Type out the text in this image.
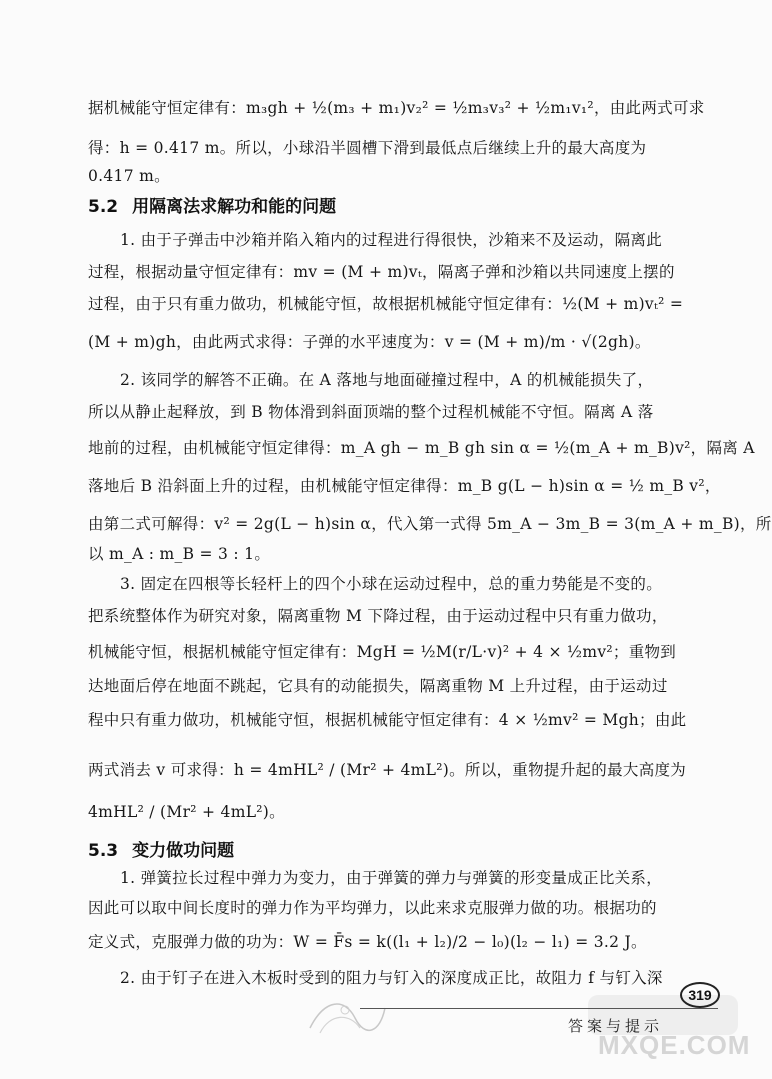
据机械能守恒定律有：m₃gh + ½(m₃ + m₁)v₂² = ½m₃v₃² + ½m₁v₁²，由此两式可求
得：h = 0.417 m。所以，小球沿半圆槽下滑到最低点后继续上升的最大高度为
0.417 m。
5.2 用隔离法求解功和能的问题
1. 由于子弹击中沙箱并陷入箱内的过程进行得很快，沙箱来不及运动，隔离此
过程，根据动量守恒定律有：mv = (M + m)vₜ，隔离子弹和沙箱以共同速度上摆的
过程，由于只有重力做功，机械能守恒，故根据机械能守恒定律有：½(M + m)vₜ² =
(M + m)gh，由此两式求得：子弹的水平速度为：v = (M + m)/m · √(2gh)。
2. 该同学的解答不正确。在 A 落地与地面碰撞过程中，A 的机械能损失了，
所以从静止起释放，到 B 物体滑到斜面顶端的整个过程机械能不守恒。隔离 A 落
地前的过程，由机械能守恒定律得：m_A gh − m_B gh sin α = ½(m_A + m_B)v²，隔离 A
落地后 B 沿斜面上升的过程，由机械能守恒定律得：m_B g(L − h)sin α = ½ m_B v²，
由第二式可解得：v² = 2g(L − h)sin α，代入第一式得 5m_A − 3m_B = 3(m_A + m_B)，所
以 m_A : m_B = 3 : 1。
3. 固定在四根等长轻杆上的四个小球在运动过程中，总的重力势能是不变的。
把系统整体作为研究对象，隔离重物 M 下降过程，由于运动过程中只有重力做功，
机械能守恒，根据机械能守恒定律有：MgH = ½M(r/L·v)² + 4 × ½mv²；重物到
达地面后停在地面不跳起，它具有的动能损失，隔离重物 M 上升过程，由于运动过
程中只有重力做功，机械能守恒，根据机械能守恒定律有：4 × ½mv² = Mgh；由此
两式消去 v 可求得：h = 4mHL² / (Mr² + 4mL²)。所以，重物提升起的最大高度为
4mHL² / (Mr² + 4mL²)。
5.3 变力做功问题
1. 弹簧拉长过程中弹力为变力，由于弹簧的弹力与弹簧的形变量成正比关系，
因此可以取中间长度时的弹力作为平均弹力，以此来求克服弹力做的功。根据功的
定义式，克服弹力做的功为：W = F̄s = k((l₁ + l₂)/2 − l₀)(l₂ − l₁) = 3.2 J。
2. 由于钉子在进入木板时受到的阻力与钉入的深度成正比，故阻力 f 与钉入深
319
答案与提示
MXQE.COM
